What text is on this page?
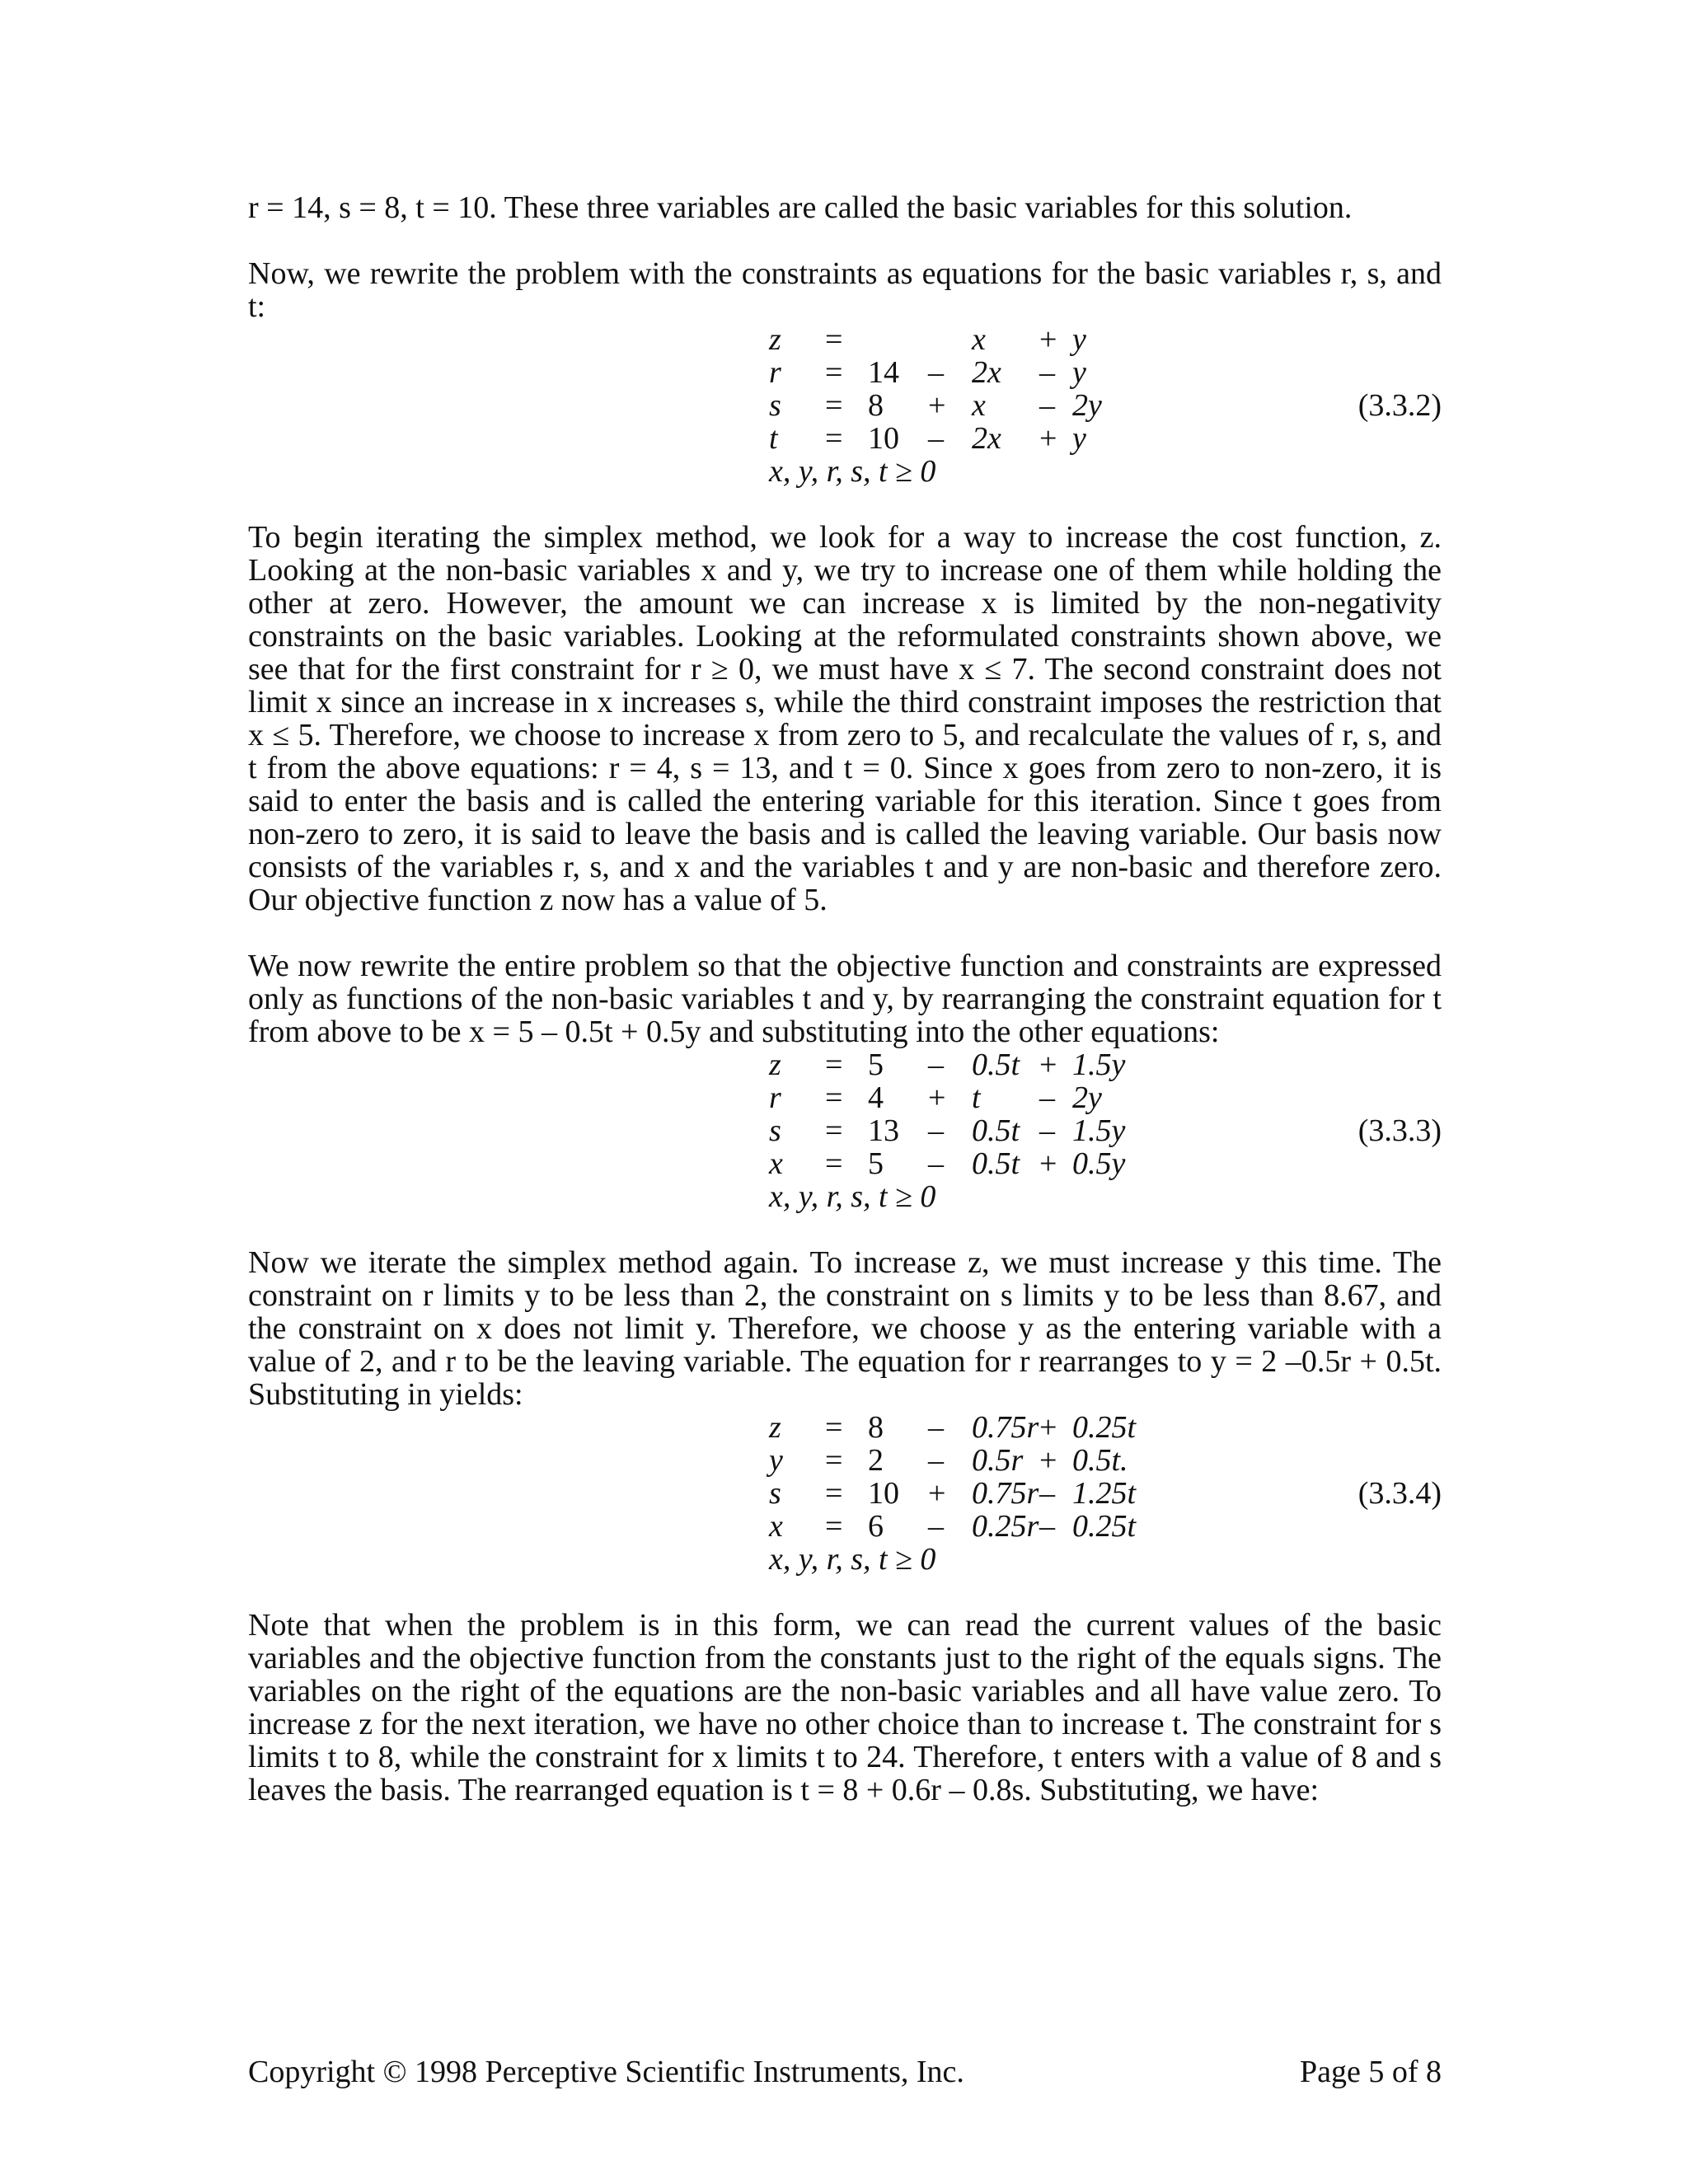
r = 14, s = 8, t = 10. These three variables are called the basic variables for this solution.

Now, we rewrite the problem with the constraints as equations for the basic variables r, s, and t:

z =	x + y
r = 14 – 2x – y
s = 8 + x – 2y
t = 10 – 2x + y
x, y, r, s, t ≥ 0
(3.3.2)

To begin iterating the simplex method, we look for a way to increase the cost function, z. Looking at the non-basic variables x and y, we try to increase one of them while holding the other at zero. However, the amount we can increase x is limited by the non-negativity constraints on the basic variables. Looking at the reformulated constraints shown above, we see that for the first constraint for r ≥ 0, we must have x ≤ 7. The second constraint does not limit x since an increase in x increases s, while the third constraint imposes the restriction that x ≤ 5. Therefore, we choose to increase x from zero to 5, and recalculate the values of r, s, and t from the above equations: r = 4, s = 13, and t = 0. Since x goes from zero to non-zero, it is said to enter the basis and is called the entering variable for this iteration. Since t goes from non-zero to zero, it is said to leave the basis and is called the leaving variable. Our basis now consists of the variables r, s, and x and the variables t and y are non-basic and therefore zero. Our objective function z now has a value of 5.

We now rewrite the entire problem so that the objective function and constraints are expressed only as functions of the non-basic variables t and y, by rearranging the constraint equation for t from above to be x = 5 – 0.5t + 0.5y and substituting into the other equations:

z = 5 – 0.5t + 1.5y
r = 4 + t – 2y
s = 13 – 0.5t – 1.5y
x = 5 – 0.5t + 0.5y
x, y, r, s, t ≥ 0
(3.3.3)

Now we iterate the simplex method again. To increase z, we must increase y this time. The constraint on r limits y to be less than 2, the constraint on s limits y to be less than 8.67, and the constraint on x does not limit y. Therefore, we choose y as the entering variable with a value of 2, and r to be the leaving variable. The equation for r rearranges to y = 2 –0.5r + 0.5t. Substituting in yields:

z = 8 – 0.75r + 0.25t
y = 2 – 0.5r + 0.5t.
s = 10 + 0.75r – 1.25t
x = 6 – 0.25r – 0.25t
x, y, r, s, t ≥ 0
(3.3.4)

Note that when the problem is in this form, we can read the current values of the basic variables and the objective function from the constants just to the right of the equals signs. The variables on the right of the equations are the non-basic variables and all have value zero. To increase z for the next iteration, we have no other choice than to increase t. The constraint for s limits t to 8, while the constraint for x limits t to 24. Therefore, t enters with a value of 8 and s leaves the basis. The rearranged equation is t = 8 + 0.6r – 0.8s. Substituting, we have:

Copyright © 1998 Perceptive Scientific Instruments, Inc.	Page 5 of 8
